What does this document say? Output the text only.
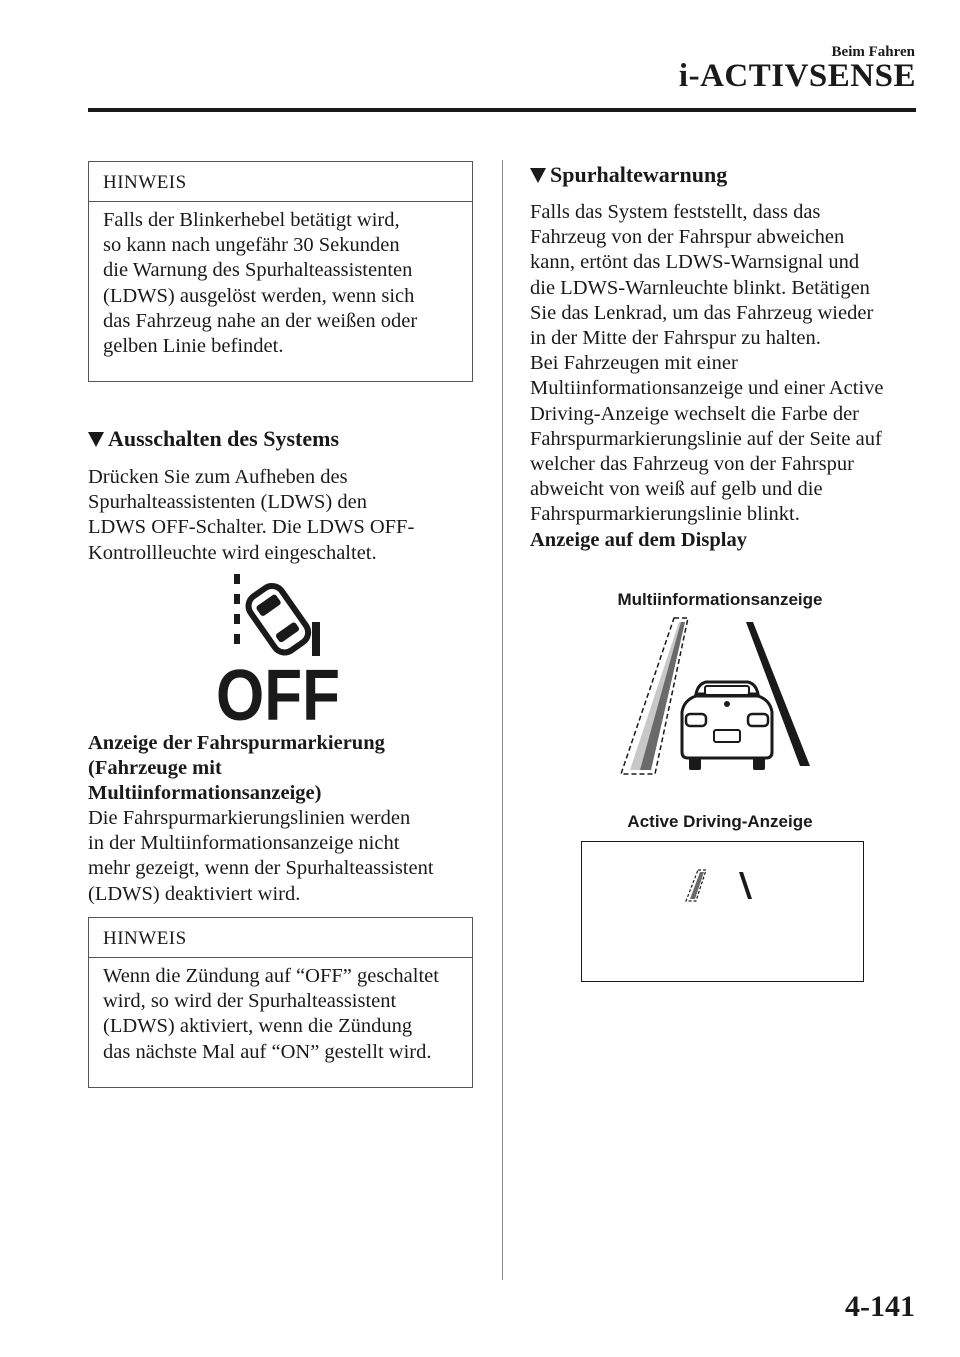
Beim Fahren
i-ACTIVSENSE
HINWEIS
Falls der Blinkerhebel betätigt wird,
so kann nach ungefähr 30 Sekunden
die Warnung des Spurhalteassistenten
(LDWS) ausgelöst werden, wenn sich
das Fahrzeug nahe an der weißen oder
gelben Linie befindet.
Ausschalten des Systems
Drücken Sie zum Aufheben des
Spurhalteassistenten (LDWS) den
LDWS OFF-Schalter. Die LDWS OFF-
Kontrollleuchte wird eingeschaltet.
OFF
Anzeige der Fahrspurmarkierung
(Fahrzeuge mit
Multiinformationsanzeige)
Die Fahrspurmarkierungslinien werden
in der Multiinformationsanzeige nicht
mehr gezeigt, wenn der Spurhalteassistent
(LDWS) deaktiviert wird.
HINWEIS
Wenn die Zündung auf “OFF” geschaltet
wird, so wird der Spurhalteassistent
(LDWS) aktiviert, wenn die Zündung
das nächste Mal auf “ON” gestellt wird.
Spurhaltewarnung
Falls das System feststellt, dass das
Fahrzeug von der Fahrspur abweichen
kann, ertönt das LDWS-Warnsignal und
die LDWS-Warnleuchte blinkt. Betätigen
Sie das Lenkrad, um das Fahrzeug wieder
in der Mitte der Fahrspur zu halten.
Bei Fahrzeugen mit einer
Multiinformationsanzeige und einer Active
Driving-Anzeige wechselt die Farbe der
Fahrspurmarkierungslinie auf der Seite auf
welcher das Fahrzeug von der Fahrspur
abweicht von weiß auf gelb und die
Fahrspurmarkierungslinie blinkt.
Anzeige auf dem Display
Multiinformationsanzeige
Active Driving-Anzeige
4-141
